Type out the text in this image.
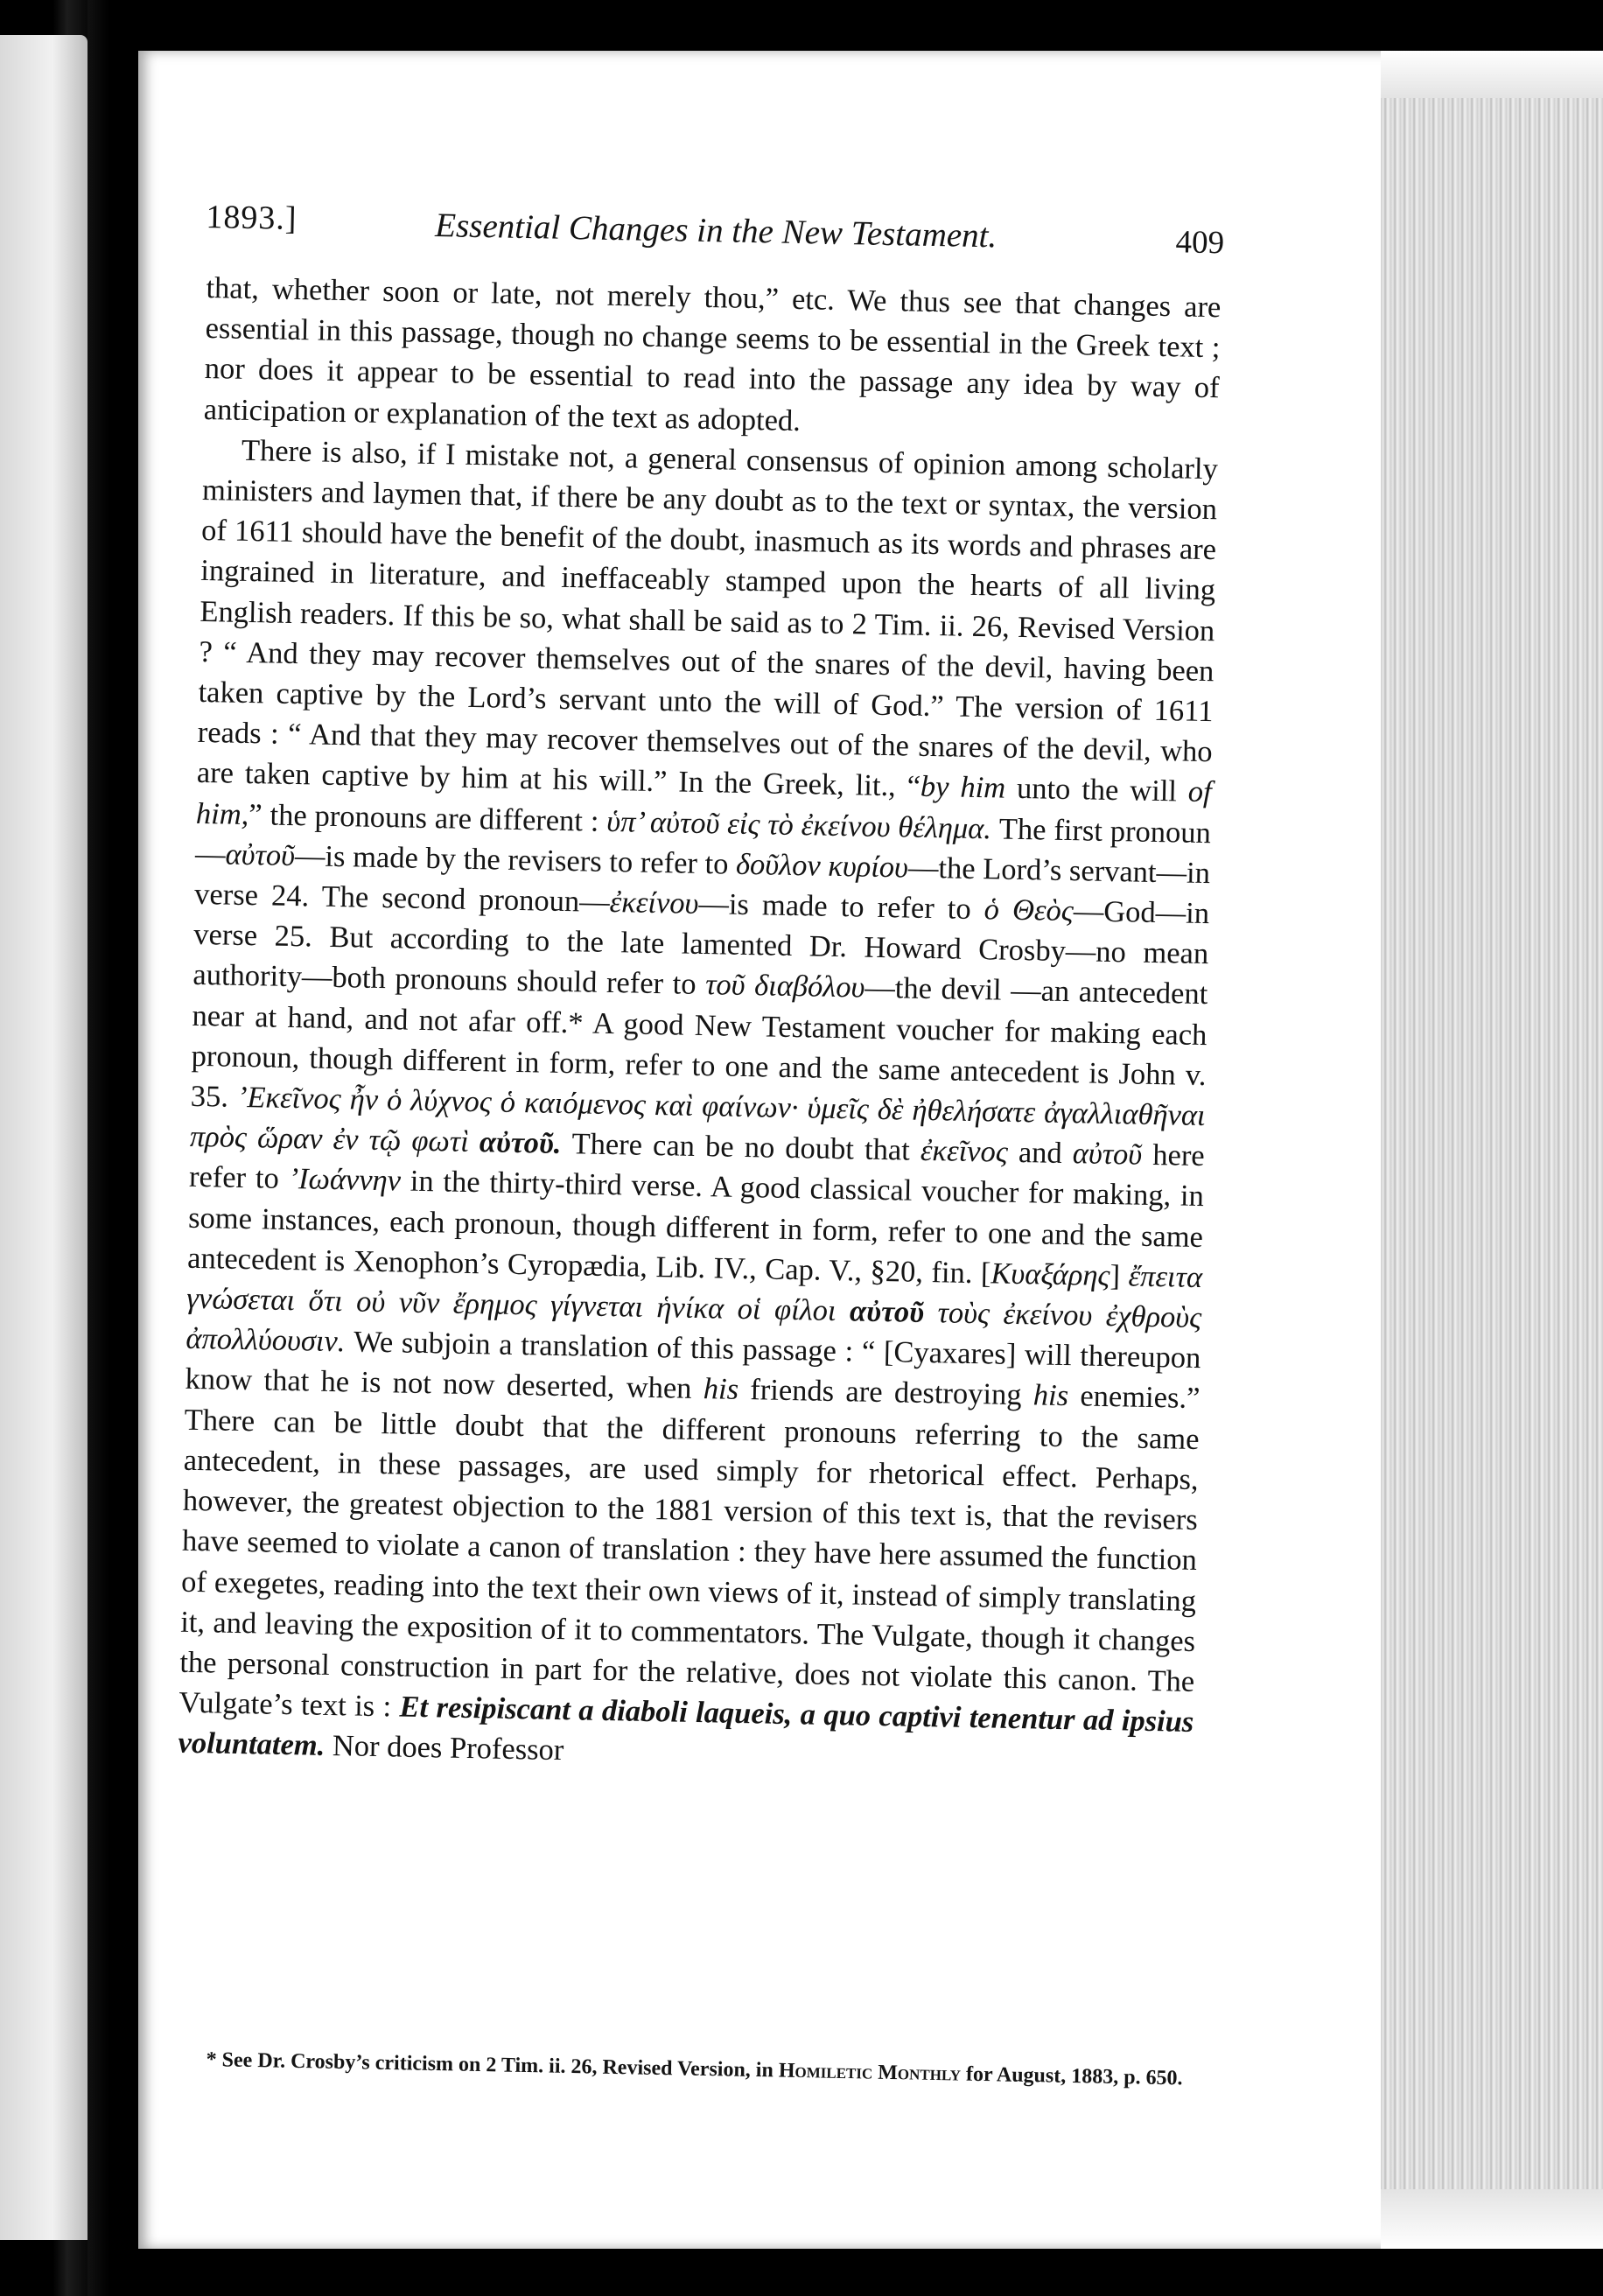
1893.]	Essential Changes in the New Testament.	409

that, whether soon or late, not merely thou,” etc. We thus see that changes are essential in this passage, though no change seems to be essential in the Greek text ; nor does it appear to be essential to read into the passage any idea by way of anticipation or explanation of the text as adopted.

There is also, if I mistake not, a general consensus of opinion among scholarly ministers and laymen that, if there be any doubt as to the text or syntax, the version of 1611 should have the benefit of the doubt, inasmuch as its words and phrases are ingrained in literature, and ineffaceably stamped upon the hearts of all living English readers. If this be so, what shall be said as to 2 Tim. ii. 26, Revised Version ? “ And they may recover themselves out of the snares of the devil, having been taken captive by the Lord’s servant unto the will of God.” The version of 1611 reads : “ And that they may recover themselves out of the snares of the devil, who are taken captive by him at his will.” In the Greek, lit., “by him unto the will of him,” the pronouns are different : ὑπ’ αὐτοῦ εἰς τὸ ἐκείνου θέλημα. The first pronoun—αὐτοῦ—is made by the revisers to refer to δοῦλον κυρίου—the Lord’s servant—in verse 24. The second pronoun—ἐκείνου—is made to refer to ὁ Θεὸς—God—in verse 25. But according to the late lamented Dr. Howard Crosby—no mean authority—both pronouns should refer to τοῦ διαβόλου—the devil —an antecedent near at hand, and not afar off.* A good New Testament voucher for making each pronoun, though different in form, refer to one and the same antecedent is John v. 35. ’Εκεῖνος ἦν ὁ λύχνος ὁ καιόμενος καὶ φαίνων· ὑμεῖς δὲ ἠθελήσατε ἀγαλλιαθῆναι πρὸς ὥραν ἐν τῷ φωτὶ αὐτοῦ. There can be no doubt that ἐκεῖνος and αὐτοῦ here refer to ’Ιωάννην in the thirty-third verse. A good classical voucher for making, in some instances, each pronoun, though different in form, refer to one and the same antecedent is Xenophon’s Cyropædia, Lib. IV., Cap. V., §20, fin. [Κυαξάρης] ἔπειτα γνώσεται ὅτι οὐ νῦν ἔρημος γίγνεται ἡνίκα οἱ φίλοι αὐτοῦ τοὺς ἐκείνου ἐχθροὺς ἀπολλύουσιν. We subjoin a translation of this passage : “ [Cyaxares] will thereupon know that he is not now deserted, when his friends are destroying his enemies.” There can be little doubt that the different pronouns referring to the same antecedent, in these passages, are used simply for rhetorical effect. Perhaps, however, the greatest objection to the 1881 version of this text is, that the revisers have seemed to violate a canon of translation : they have here assumed the function of exegetes, reading into the text their own views of it, instead of simply translating it, and leaving the exposition of it to commentators. The Vulgate, though it changes the personal construction in part for the relative, does not violate this canon. The Vulgate’s text is : Et resipiscant a diaboli laqueis, a quo captivi tenentur ad ipsius voluntatem. Nor does Professor

* See Dr. Crosby’s criticism on 2 Tim. ii. 26, Revised Version, in Homiletic Monthly for August, 1883, p. 650.
